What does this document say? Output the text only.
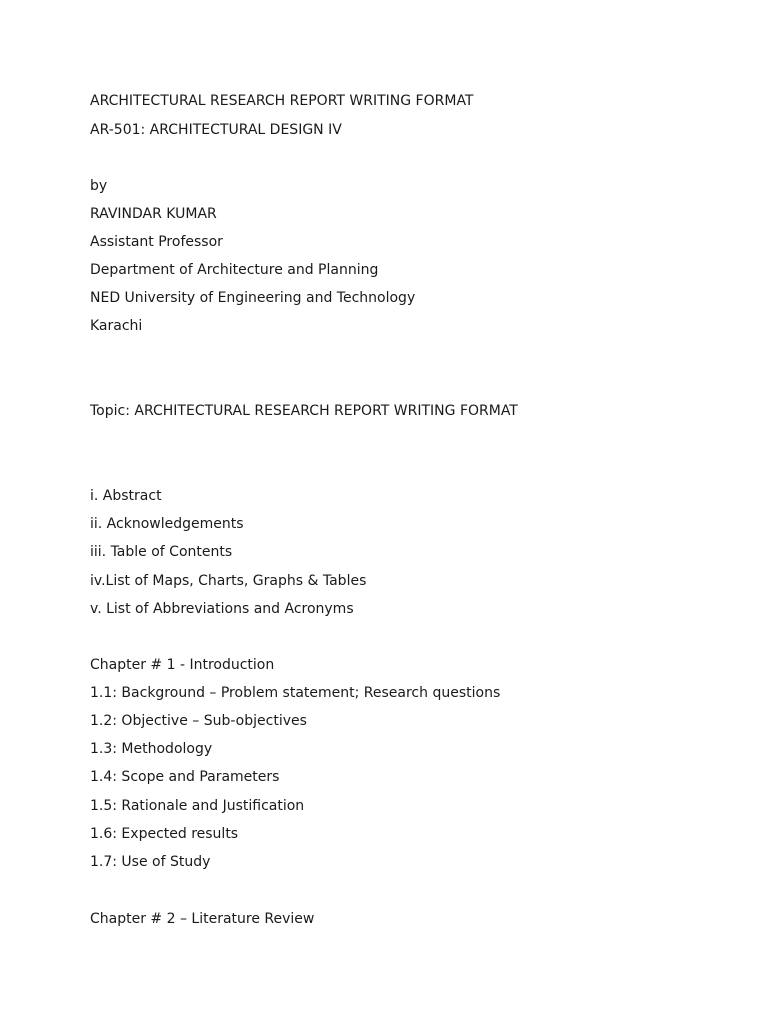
ARCHITECTURAL RESEARCH REPORT WRITING FORMAT
AR-501: ARCHITECTURAL DESIGN IV
by
RAVINDAR KUMAR
Assistant Professor
Department of Architecture and Planning
NED University of Engineering and Technology
Karachi
Topic: ARCHITECTURAL RESEARCH REPORT WRITING FORMAT
i. Abstract
ii. Acknowledgements
iii. Table of Contents
iv.List of Maps, Charts, Graphs & Tables
v. List of Abbreviations and Acronyms
Chapter # 1 - Introduction
1.1: Background – Problem statement; Research questions
1.2: Objective – Sub-objectives
1.3: Methodology
1.4: Scope and Parameters
1.5: Rationale and Justification
1.6: Expected results
1.7: Use of Study
Chapter # 2 – Literature Review
